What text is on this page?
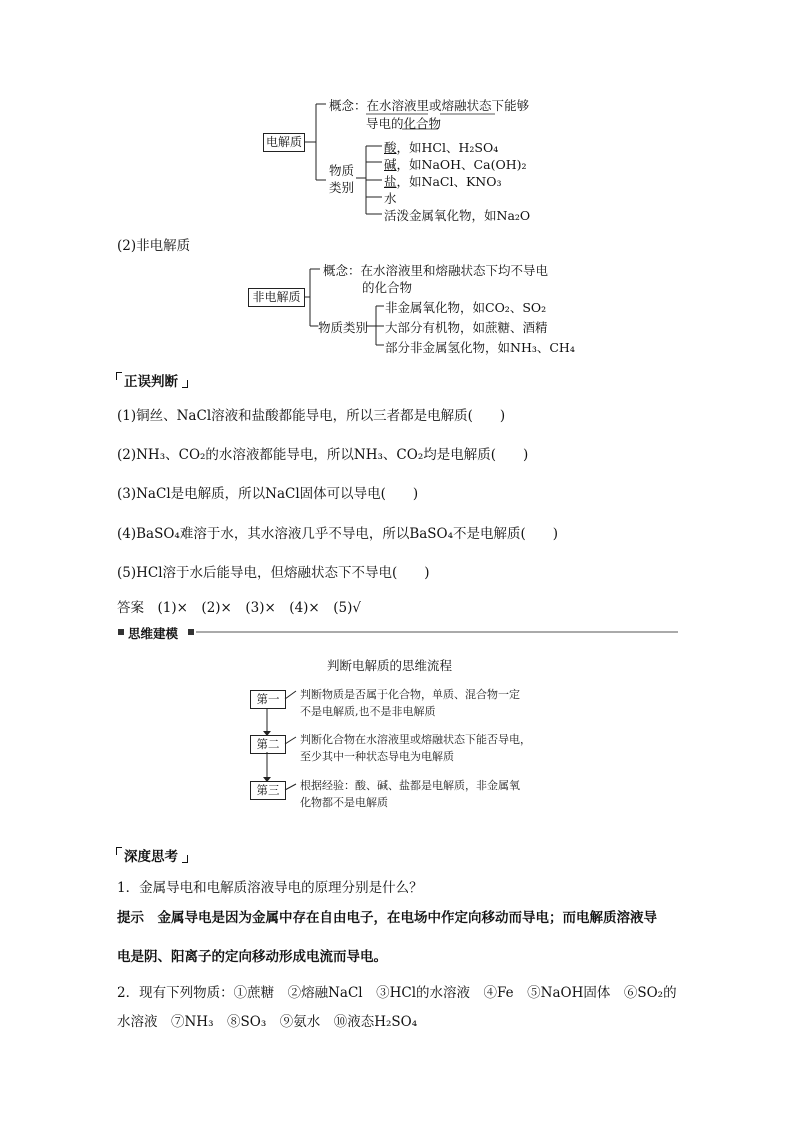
电解质
概念：在水溶液里或熔融状态下能够
导电的化合物
物质
类别
酸，如HCl、H₂SO₄
碱，如NaOH、Ca(OH)₂
盐，如NaCl、KNO₃
水
活泼金属氧化物，如Na₂O
(2)非电解质
非电解质
概念：在水溶液里和熔融状态下均不导电
的化合物
物质类别
非金属氧化物，如CO₂、SO₂
大部分有机物，如蔗糖、酒精
部分非金属氢化物，如NH₃、CH₄
正误判断
(1)铜丝、NaCl溶液和盐酸都能导电，所以三者都是电解质(　　)
(2)NH₃、CO₂的水溶液都能导电，所以NH₃、CO₂均是电解质(　　)
(3)NaCl是电解质，所以NaCl固体可以导电(　　)
(4)BaSO₄难溶于水，其水溶液几乎不导电，所以BaSO₄不是电解质(　　)
(5)HCl溶于水后能导电，但熔融状态下不导电(　　)
答案　(1)×　(2)×　(3)×　(4)×　(5)√
思维建模
判断电解质的思维流程
第一	判断物质是否属于化合物，单质、混合物一定
不是电解质,也不是非电解质
第二	判断化合物在水溶液里或熔融状态下能否导电，
至少其中一种状态导电为电解质
第三	根据经验：酸、碱、盐都是电解质，非金属氧
化物都不是电解质
深度思考
1．金属导电和电解质溶液导电的原理分别是什么？
提示　金属导电是因为金属中存在自由电子，在电场中作定向移动而导电；而电解质溶液导
电是阴、阳离子的定向移动形成电流而导电。
2．现有下列物质：①蔗糖　②熔融NaCl　③HCl的水溶液　④Fe　⑤NaOH固体　⑥SO₂的
水溶液　⑦NH₃　⑧SO₃　⑨氨水　⑩液态H₂SO₄
